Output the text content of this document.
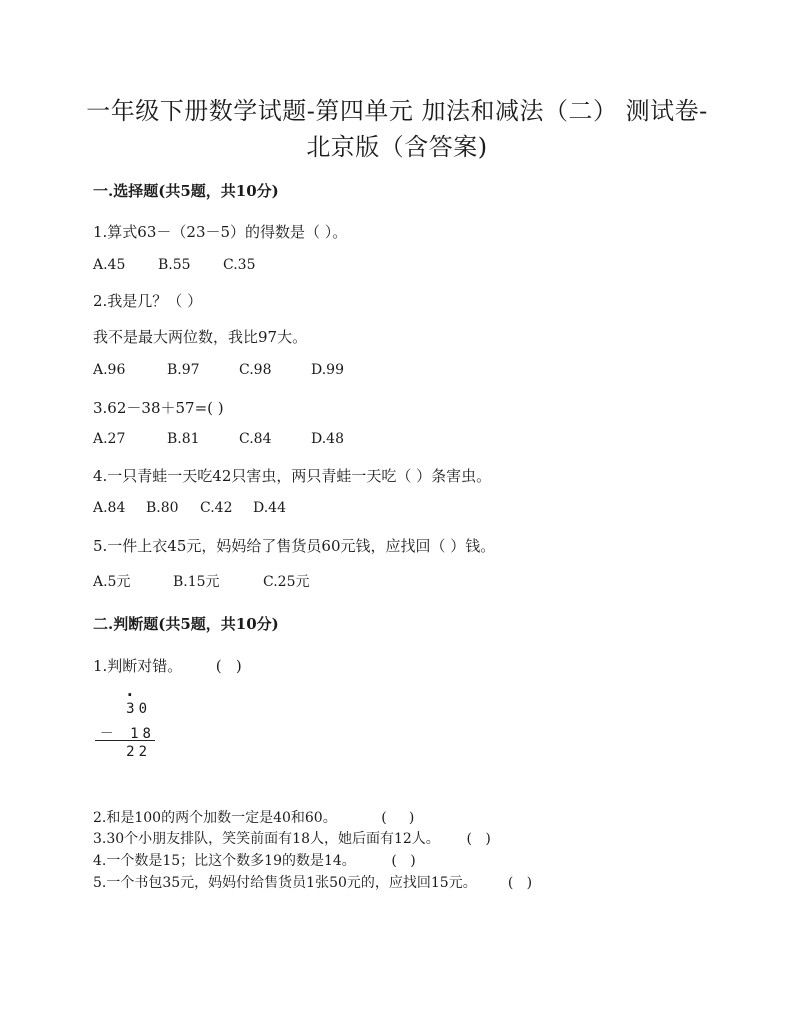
一年级下册数学试题-第四单元 加法和减法（二） 测试卷-
北京版（含答案)
一.选择题(共5题，共10分)
1.算式63－（23－5）的得数是（ ）。
A.45 B.55 C.35
2.我是几？（ ）
我不是最大两位数，我比97大。
A.96	B.97	C.98	D.99
3.62－38＋57=( )
A.27	B.81	C.84	D.48
4.一只青蛙一天吃42只害虫，两只青蛙一天吃（ ）条害虫。
A.84 B.80 C.42 D.44
5.一件上衣45元，妈妈给了售货员60元钱，应找回（ ）钱。
A.5元	B.15元	C.25元
二.判断题(共5题，共10分)
1.判断对错。       (   )
·
30
－ 18
22
2.和是100的两个加数一定是40和60。          (     )
3.30个小朋友排队，笑笑前面有18人，她后面有12人。      (   )
4.一个数是15；比这个数多19的数是14。        (   )
5.一个书包35元，妈妈付给售货员1张50元的，应找回15元。       (   )
